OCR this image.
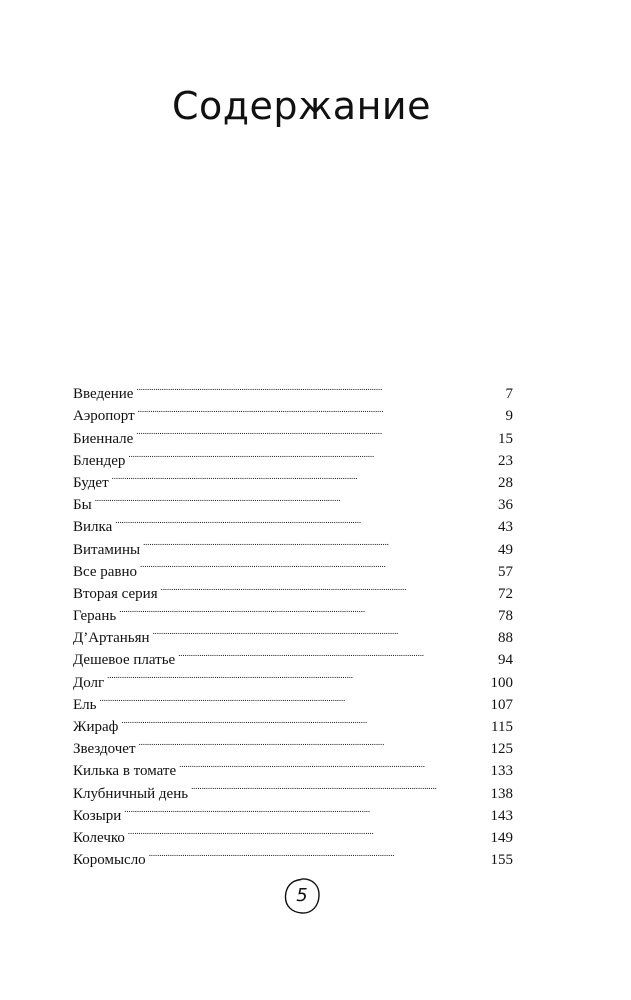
Содержание
Введение . . .	7
Аэропорт . . .	9
Биеннале . . .	15
Блендер . . .	23
Будет . . .	28
Бы . . .	36
Вилка . . .	43
Витамины . . .	49
Все равно . . .	57
Вторая серия . . .	72
Герань . . .	78
Д’Артаньян . . .	88
Дешевое платье . . .	94
Долг . . .	100
Ель . . .	107
Жираф . . .	115
Звездочет . . .	125
Килька в томате . . .	133
Клубничный день . . .	138
Козыри . . .	143
Колечко . . .	149
Коромысло . . .	155
5
